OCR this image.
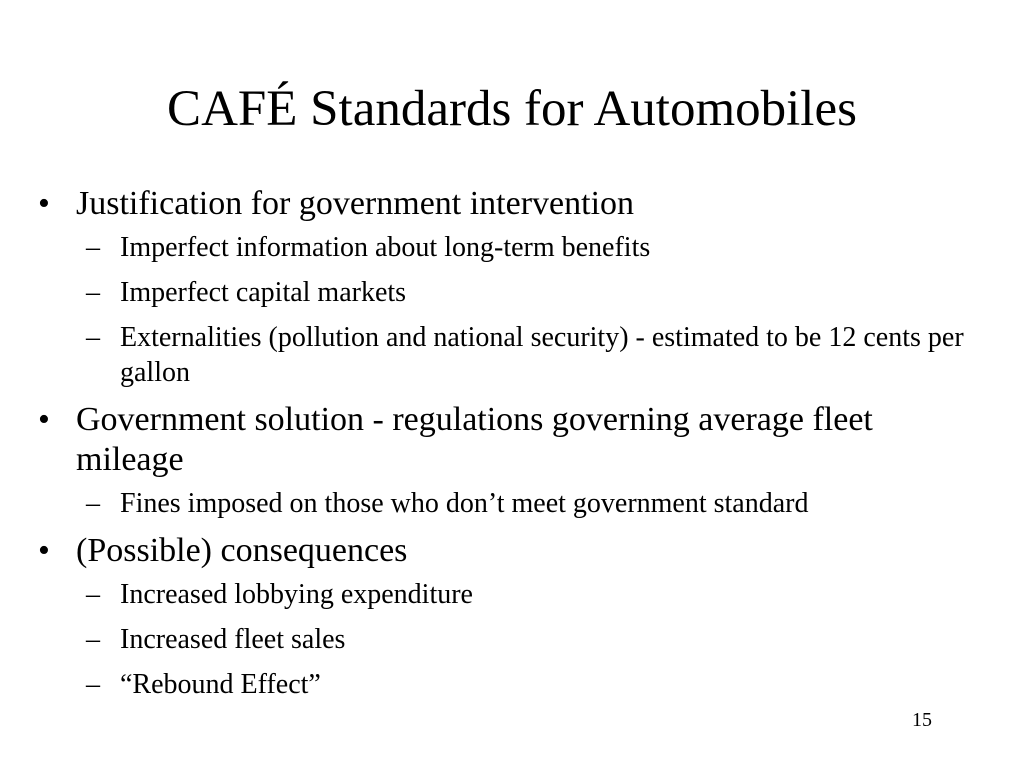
CAFÉ Standards for Automobiles
• Justification for government intervention
– Imperfect information about long-term benefits
– Imperfect capital markets
– Externalities (pollution and national security) - estimated to be 12 cents per gallon
• Government solution - regulations governing average fleet mileage
– Fines imposed on those who don’t meet government standard
• (Possible) consequences
– Increased lobbying expenditure
– Increased fleet sales
– “Rebound Effect”
15
